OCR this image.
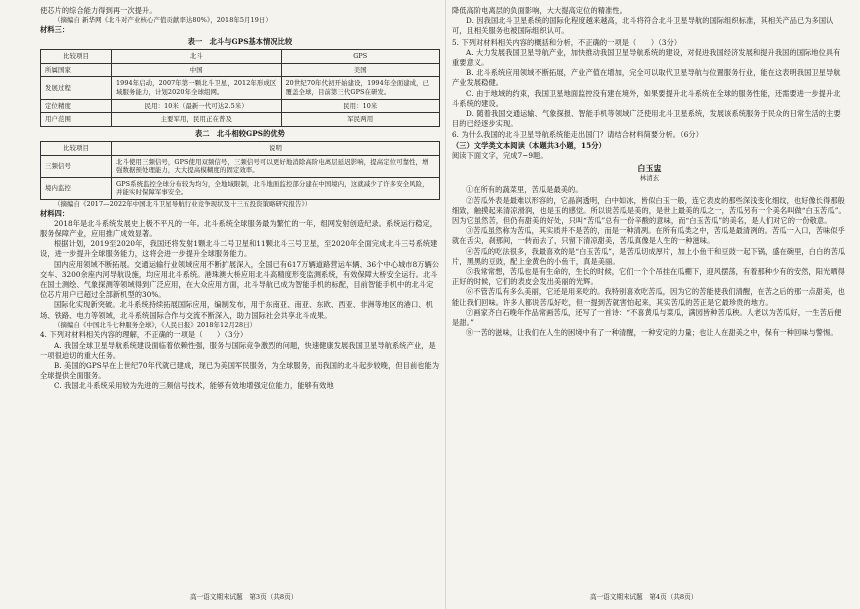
使芯片的综合能力得到再一次提升。

（摘编自 新华网《北斗对产业核心产值贡献率达80%》，2018年5月19日）

材料三：

表一　北斗与GPS基本情况比较

比较项目	北斗	GPS
所属国家	中国	美国
发展过程	1994年启动，2007年第一颗北斗卫星，2012年形成区域服务能力，计划2020年全球组网。	20世纪70年代初开始建设，1994年全面建成，已覆盖全球，目前第三代GPS在研发。
定位精度	民用：10米（最新一代可达2.5米）	民用：10米
用户范围	主要军用，民用正在普及	军民两用

表二　北斗相较GPS的优势

比较项目	说明
三频信号	北斗使用三频信号，GPS使用双频信号，三频信号可以更好地消除高阶电离层延迟影响，提高定位可靠性，增强数据预处理能力，大大提高模糊度的固定效率。
境内监控	GPS系统监控全球分布较为均匀，全地域限制，北斗地面监控部分建在中国境内，这就减少了许多安全风险，并能实时保障军事安全。

（摘编自《2017—2022年中国北斗卫星导航行业竞争现状及十三五投资策略研究报告》）

材料四：

2018年是北斗系统发展史上极不平凡的一年。北斗系统全球服务最为繁忙的一年，组网发射创造纪录。系统运行稳定，服务保障产业，应用推广成效显著。

根据计划，2019至2020年，我国还将发射1颗北斗二号卫星和11颗北斗三号卫星，至2020年全面完成北斗三号系统建设，进一步提升全球服务能力，这将会进一步提升全球服务能力。

国内应用领域不断拓展。交通运输行业领域应用不断扩展深入，全国已有617万辆道路营运车辆、36个中心城市8万辆公交车、3200余座内河导航设施，均应用北斗系统。港珠澳大桥应用北斗高精度形变监测系统，有效保障大桥安全运行。北斗在国土测绘、气象探测等领域得到广泛应用，在大众应用方面，北斗导航已成为智能手机的标配，目前智能手机中的北斗定位芯片用户已超过全部新机型的30%。

国际化实现新突破。北斗系统持续拓展国际应用，编制发布，用于东南亚、南亚、东欧、西亚、非洲等地区的港口、机场、铁路、电力等领域，北斗系统国际合作与交流不断深入，助力国际社会共享北斗成果。

（摘编自《中国北斗七种服务全球》，《人民日报》2018年12月28日）

4. 下列对材料相关内容的理解，不正确的一项是（　　）（3分）

A. 我国全球卫星导航系统建设面临着依赖性强，服务与国际竞争激烈的问题，快速健康发展我国卫星导航系统产业，是一项很迫切的重大任务。

B. 美国的GPS早在上世纪70年代就已建成，现已为美国军民服务，为全球服务，而我国的北斗起步较晚，但目前也能为全球提供全面服务。

C. 我国北斗系统采用较为先进的三频信号技术，能够有效地增强定位能力，能够有效地

降低高阶电离层的负面影响，大大提高定位的精准性。

D. 因我国北斗卫星系统的国际化程度越来越高，北斗将符合北斗卫星导航的国际组织标准，其相关产品已为多国认可，且相关服务也被国际组织认可。

5. 下列对材料相关内容的概括和分析，不正确的一项是（　　）（3分）

A. 大力发展我国卫星导航产业，加快推动我国卫星导航系统的建设，对促进我国经济发展和提升我国的国际地位具有重要意义。

B. 北斗系统应用领域不断拓展，产业产值在增加，完全可以取代卫星导航与位置服务行业，能在这表明我国卫星导航产业发展稳健。

C. 由于地域的约束，我国卫星地面监控没有建在境外，如果要提升北斗系统在全球的服务性能，还需要进一步提升北斗系统的建设。

D. 随着我国交通运输、气象探报、智能手机等领域广泛使用北斗卫星系统，发展该系统服务于民众的日常生活的主要目的已经逐步实现。

6. 为什么我国的北斗卫星导航系统能走出国门？请结合材料简要分析。（6分）

（三）文学类文本阅读（本题共3小题，15分）

阅读下面文字，完成7~9题。

白玉盅

林清玄

①在所有的蔬菜里，苦瓜是最美的。

②苦瓜外表是最难以形容的，它晶润透明，白中如冰，皆似白玉一般，连它表皮的那些深浅变化细纹，也好像长得那般细致，触摸起来清凉滑润，也是玉的感觉。所以说苦瓜是美的，是世上最美的瓜之一，苦瓜另有一个美名叫做“白玉苦瓜”。因为它虽然苦，但仍有甜美的好处，只叫“苦瓜”总有一份辛酸的意味，而“白玉苦瓜”的美名，是人们对它的一份敬意。

③苦瓜虽然称为苦瓜，其实质并不是苦的，而是一种清冽。在所有瓜类之中，苦瓜是最清冽的。苦瓜一入口，苦味似乎就在舌尖，刹那间，一转而去了，只留下清凉甜美，苦瓜真像是人生的一种滋味。

④苦瓜的吃法很多，我最喜欢的是“白玉苦瓜”，是苦瓜切成厚片，加上小鱼干和豆豉一起下锅，盛在碗里，白白的苦瓜片，黑黑的豆豉，配上金黄色的小鱼干，真是美丽。

⑤我常常想，苦瓜也是有生命的，生长的时候，它们一个个吊挂在瓜棚下，迎风摆荡，有着那种少有的安然，阳光晒得正好的时候，它们的表皮会发出美丽的光辉。

⑥不管苦瓜有多么美丽，它还是用来吃的。我特别喜欢吃苦瓜，因为它的苦能使我们清醒，在苦之后的那一点甜美，也能让我们回味。许多人都说苦瓜好吃，但一提到苦就害怕起来，其实苦瓜的苦正是它最珍贵的地方。

⑦画家齐白石晚年作品常画苦瓜，还写了一首诗：“不喜黄瓜与菜瓜，满园皆种苦瓜秧。人老以为苦瓜好，一生苦后便是甜。”

⑧一苦的滋味，让我们在人生的困境中有了一种清醒，一种安定的力量；也让人在甜美之中，保有一种回味与警惕。

高一语文期末试题　第3页（共8页）	高一语文期末试题　第4页（共8页）
